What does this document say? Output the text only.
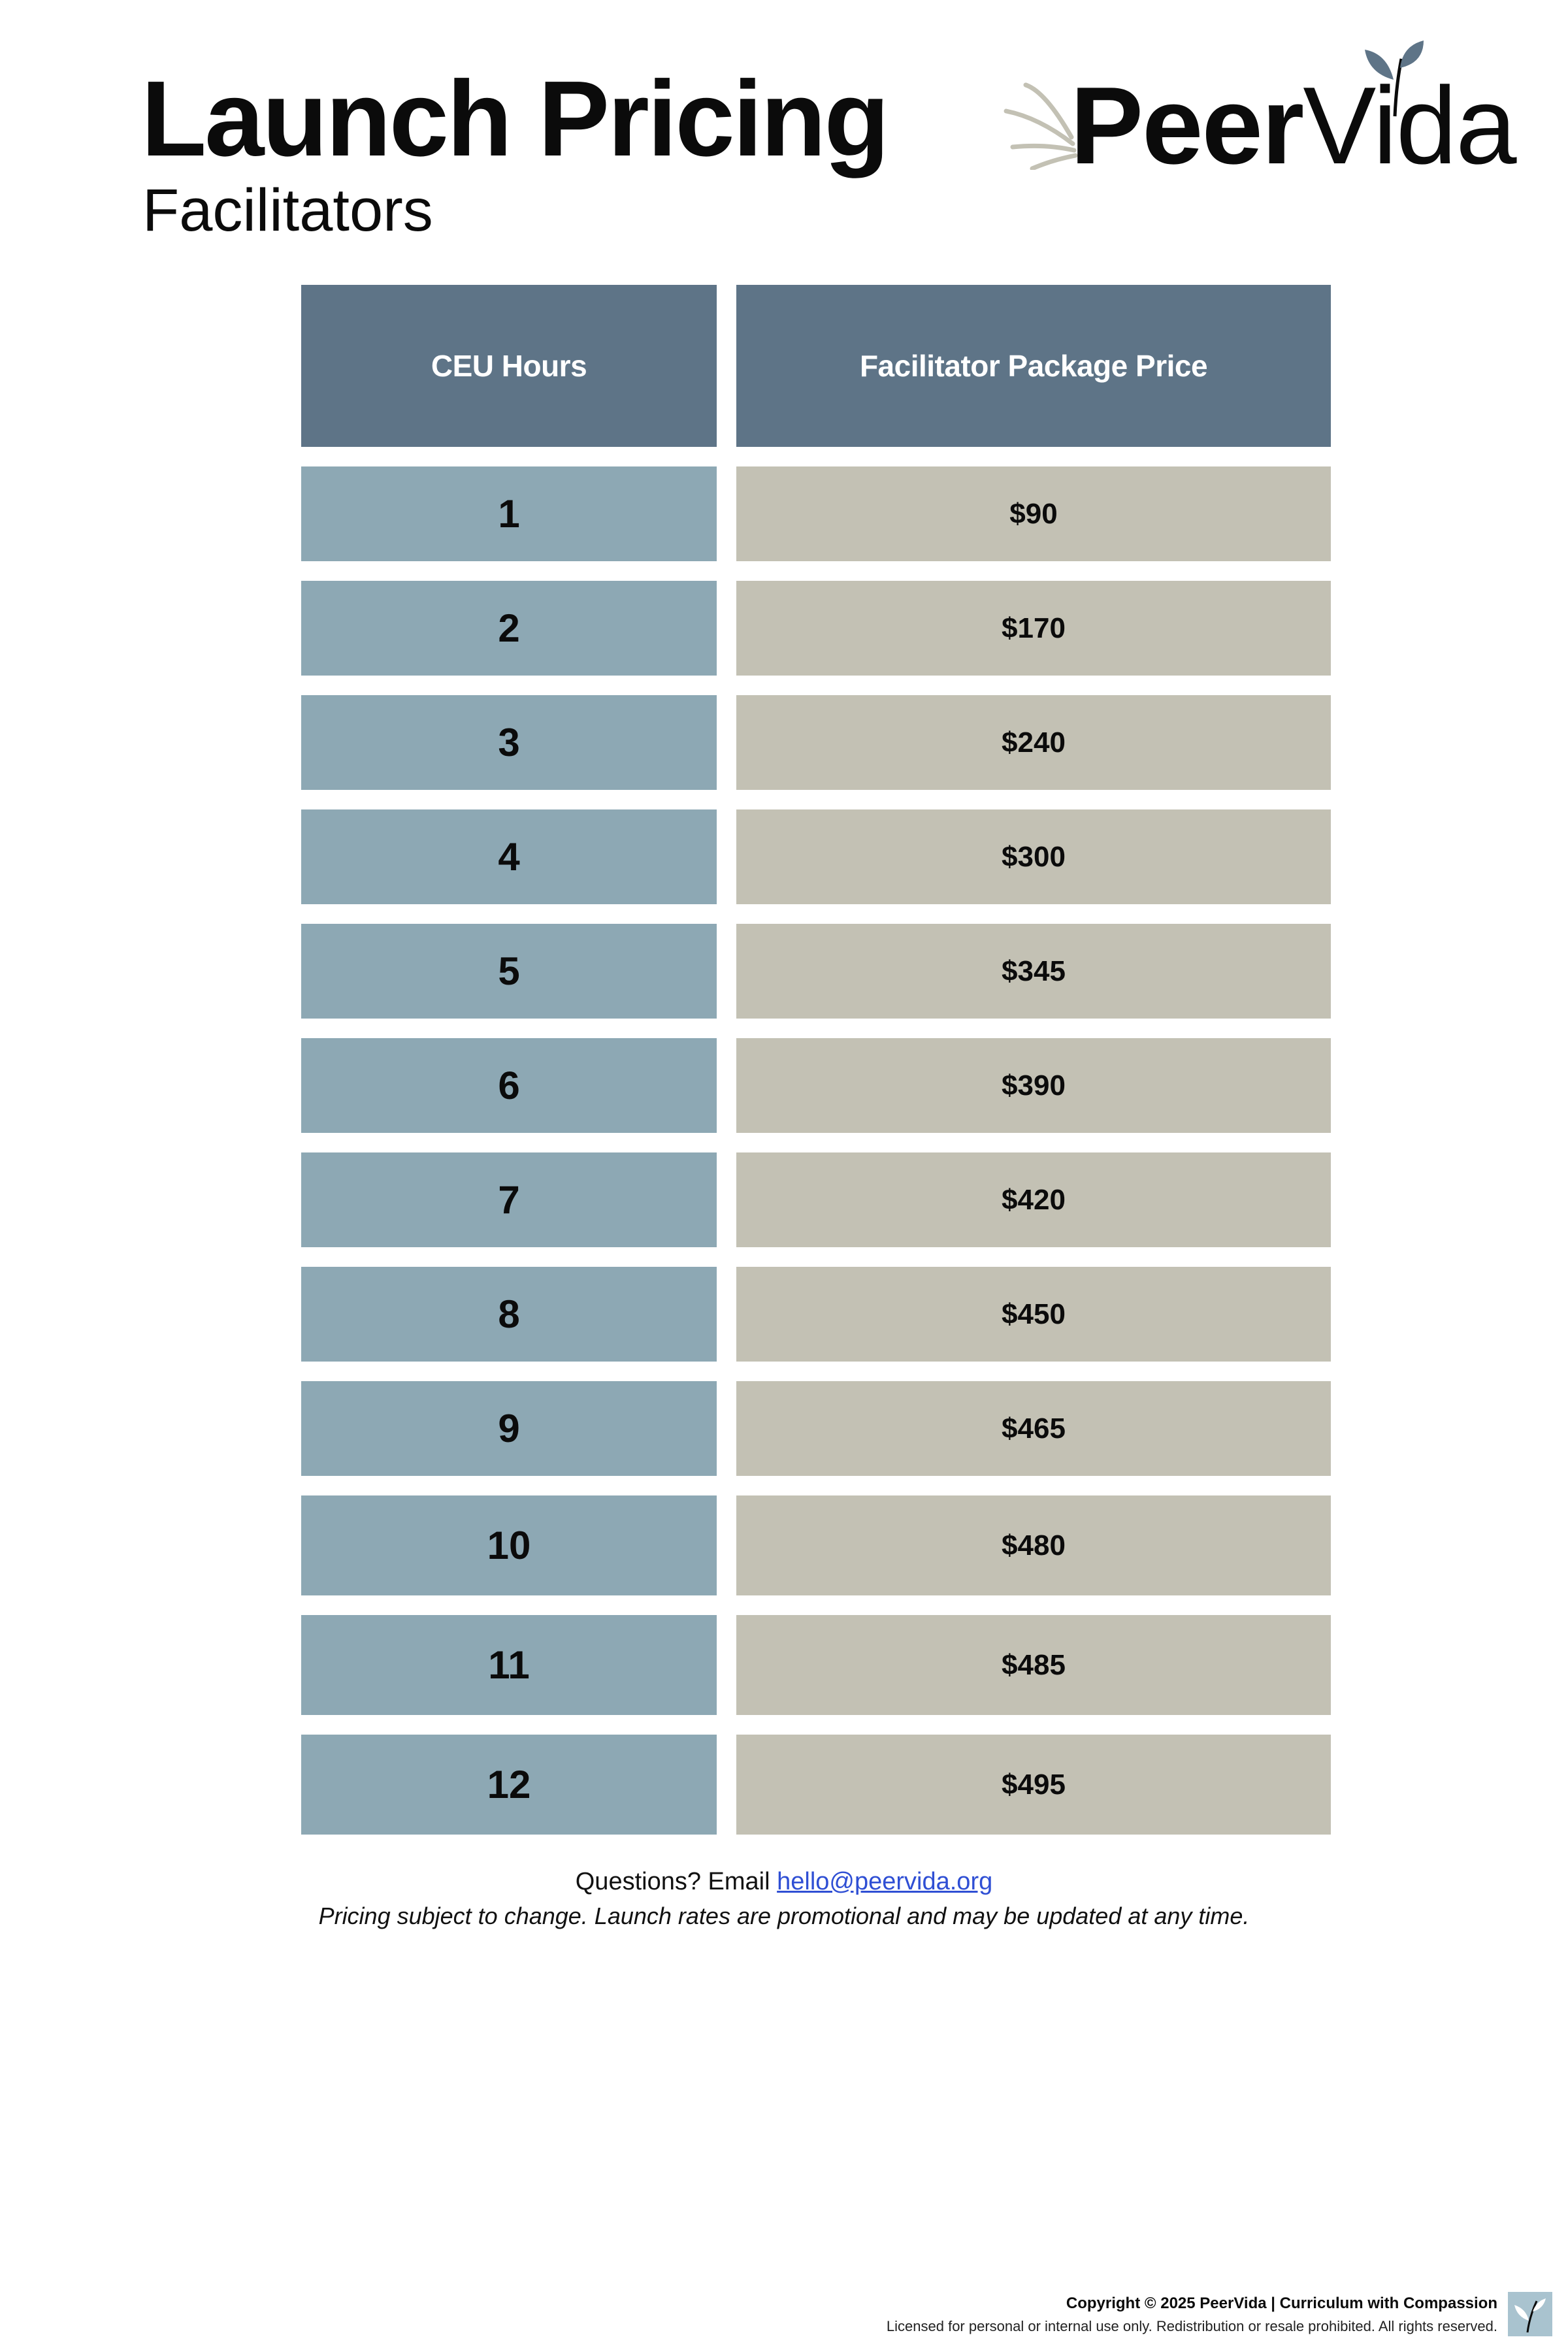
Launch Pricing
Facilitators
PeerVida
CEU Hours	Facilitator Package Price
1	$90
2	$170
3	$240
4	$300
5	$345
6	$390
7	$420
8	$450
9	$465
10	$480
11	$485
12	$495
Questions? Email hello@peervida.org
Pricing subject to change. Launch rates are promotional and may be updated at any time.
Copyright © 2025 PeerVida | Curriculum with Compassion
Licensed for personal or internal use only. Redistribution or resale prohibited. All rights reserved.
